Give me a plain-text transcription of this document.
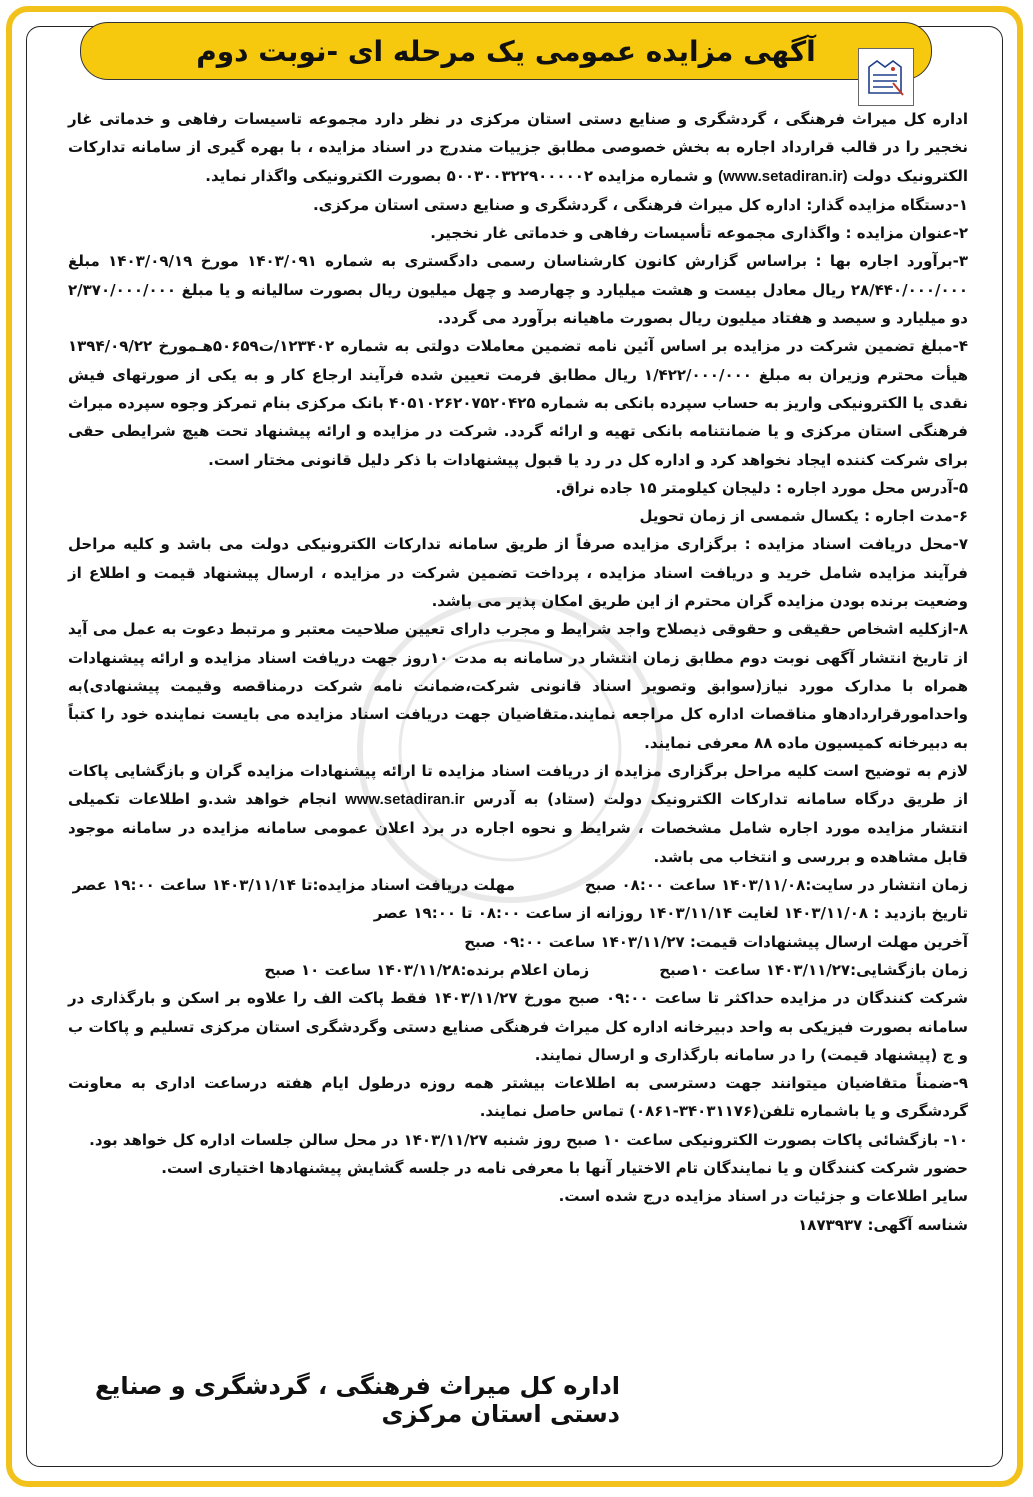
آگهی مزایده عمومی یک مرحله ای -نوبت دوم

اداره کل میراث فرهنگی ، گردشگری و صنایع دستی استان مرکزی در نظر دارد مجموعه تاسیسات رفاهی و خدماتی غار نخجیر را در قالب قرارداد اجاره به بخش خصوصی مطابق جزییات مندرج در اسناد مزایده ، با بهره گیری از سامانه تدارکات الکترونیک دولت (www.setadiran.ir) و شماره مزایده ۵۰۰۳۰۰۳۲۲۹۰۰۰۰۰۲ بصورت الکترونیکی واگذار نماید.

۱-دستگاه مزایده گذار: اداره کل میراث فرهنگی ، گردشگری و صنایع دستی استان مرکزی.

۲-عنوان مزایده : واگذاری مجموعه تأسیسات رفاهی و خدماتی غار نخجیر.

۳-برآورد اجاره بها : براساس گزارش کانون کارشناسان رسمی دادگستری به شماره ۱۴۰۳/۰۹۱ مورخ ۱۴۰۳/۰۹/۱۹ مبلغ ۲۸/۴۴۰/۰۰۰/۰۰۰ ریال معادل بیست و هشت میلیارد و چهارصد و چهل میلیون ریال بصورت سالیانه و یا مبلغ ۲/۳۷۰/۰۰۰/۰۰۰ دو میلیارد و سیصد و هفتاد میلیون ریال بصورت ماهیانه برآورد می گردد.

۴-مبلغ تضمین شرکت در مزایده بر اساس آئین نامه تضمین معاملات دولتی به شماره ۱۲۳۴۰۲/ت۵۰۶۵۹هـمورخ ۱۳۹۴/۰۹/۲۲ هیأت محترم وزیران به مبلغ ۱/۴۲۲/۰۰۰/۰۰۰ ریال مطابق فرمت تعیین شده فرآیند ارجاع کار و به یکی از صورتهای فیش نقدی یا الکترونیکی واریز به حساب سپرده بانکی به شماره ۴۰۵۱۰۲۶۲۰۷۵۲۰۴۲۵ بانک مرکزی بنام تمرکز وجوه سپرده میراث فرهنگی استان مرکزی و یا ضمانتنامه بانکی تهیه و ارائه گردد. شرکت در مزایده و ارائه پیشنهاد تحت هیچ شرایطی حقی برای شرکت کننده ایجاد نخواهد کرد و اداره کل در رد یا قبول پیشنهادات با ذکر دلیل قانونی مختار است.

۵-آدرس محل مورد اجاره : دلیجان کیلومتر ۱۵ جاده نراق.

۶-مدت اجاره : یکسال شمسی از زمان تحویل

۷-محل دریافت اسناد مزایده : برگزاری مزایده صرفاً از طریق سامانه تدارکات الکترونیکی دولت می باشد و کلیه مراحل فرآیند مزایده شامل خرید و دریافت اسناد مزایده ، پرداخت تضمین شرکت در مزایده ، ارسال پیشنهاد قیمت و اطلاع از وضعیت برنده بودن مزایده گران محترم از این طریق امکان پذیر می باشد.

۸-ازکلیه اشخاص حقیقی و حقوقی ذیصلاح واجد شرایط و مجرب دارای تعیین صلاحیت معتبر و مرتبط دعوت به عمل می آید از تاریخ انتشار آگهی نوبت دوم مطابق زمان انتشار در سامانه به مدت ۱۰روز جهت دریافت اسناد مزایده و ارائه پیشنهادات همراه با مدارک مورد نیاز(سوابق وتصویر اسناد قانونی شرکت،ضمانت نامه شرکت درمناقصه وقیمت پیشنهادی)به واحدامورقراردادهاو مناقصات اداره کل مراجعه نمایند.متقاضیان جهت دریافت اسناد مزایده می بایست نماینده خود را کتباً به دبیرخانه کمیسیون ماده ۸۸ معرفی نمایند.

لازم به توضیح است کلیه مراحل برگزاری مزایده از دریافت اسناد مزایده تا ارائه پیشنهادات مزایده گران و بازگشایی پاکات از طریق درگاه سامانه تدارکات الکترونیک دولت (ستاد) به آدرس www.setadiran.ir انجام خواهد شد.و اطلاعات تکمیلی انتشار مزایده مورد اجاره شامل مشخصات ، شرایط و نحوه اجاره در برد اعلان عمومی سامانه مزایده در سامانه موجود قابل مشاهده و بررسی و انتخاب می باشد.

زمان انتشار در سایت:۱۴۰۳/۱۱/۰۸ ساعت ۰۸:۰۰ صبح
مهلت دریافت اسناد مزایده:تا ۱۴۰۳/۱۱/۱۴ ساعت ۱۹:۰۰ عصر
تاریخ بازدید : ۱۴۰۳/۱۱/۰۸ لغایت ۱۴۰۳/۱۱/۱۴ روزانه از ساعت ۰۸:۰۰ تا ۱۹:۰۰ عصر
آخرین مهلت ارسال پیشنهادات قیمت: ۱۴۰۳/۱۱/۲۷ ساعت ۰۹:۰۰ صبح
زمان بازگشایی:۱۴۰۳/۱۱/۲۷ ساعت ۱۰صبح
زمان اعلام برنده:۱۴۰۳/۱۱/۲۸ ساعت ۱۰ صبح

شرکت کنندگان در مزایده حداکثر تا ساعت ۰۹:۰۰ صبح مورخ ۱۴۰۳/۱۱/۲۷ فقط پاکت الف را علاوه بر اسکن و بارگذاری در سامانه بصورت فیزیکی به واحد دبیرخانه اداره کل میراث فرهنگی صنایع دستی وگردشگری استان مرکزی تسلیم و پاکات ب و ج (پیشنهاد قیمت) را در سامانه بارگذاری و ارسال نمایند.

۹-ضمناً متقاضیان میتوانند جهت دسترسی به اطلاعات بیشتر همه روزه درطول ایام هفته درساعت اداری به معاونت گردشگری و یا باشماره تلفن(۳۴۰۳۱۱۷۶-۰۸۶۱) تماس حاصل نمایند.

۱۰- بازگشائی پاکات بصورت الکترونیکی ساعت ۱۰ صبح روز شنبه ۱۴۰۳/۱۱/۲۷ در محل سالن جلسات اداره کل خواهد بود.

حضور شرکت کنندگان و یا نمایندگان تام الاختیار آنها با معرفی نامه در جلسه گشایش پیشنهادها اختیاری است.

سایر اطلاعات و جزئیات در اسناد مزایده درج شده است.

شناسه آگهی: ۱۸۷۳۹۳۷

اداره کل میراث فرهنگی ، گردشگری و صنایع دستی استان مرکزی
